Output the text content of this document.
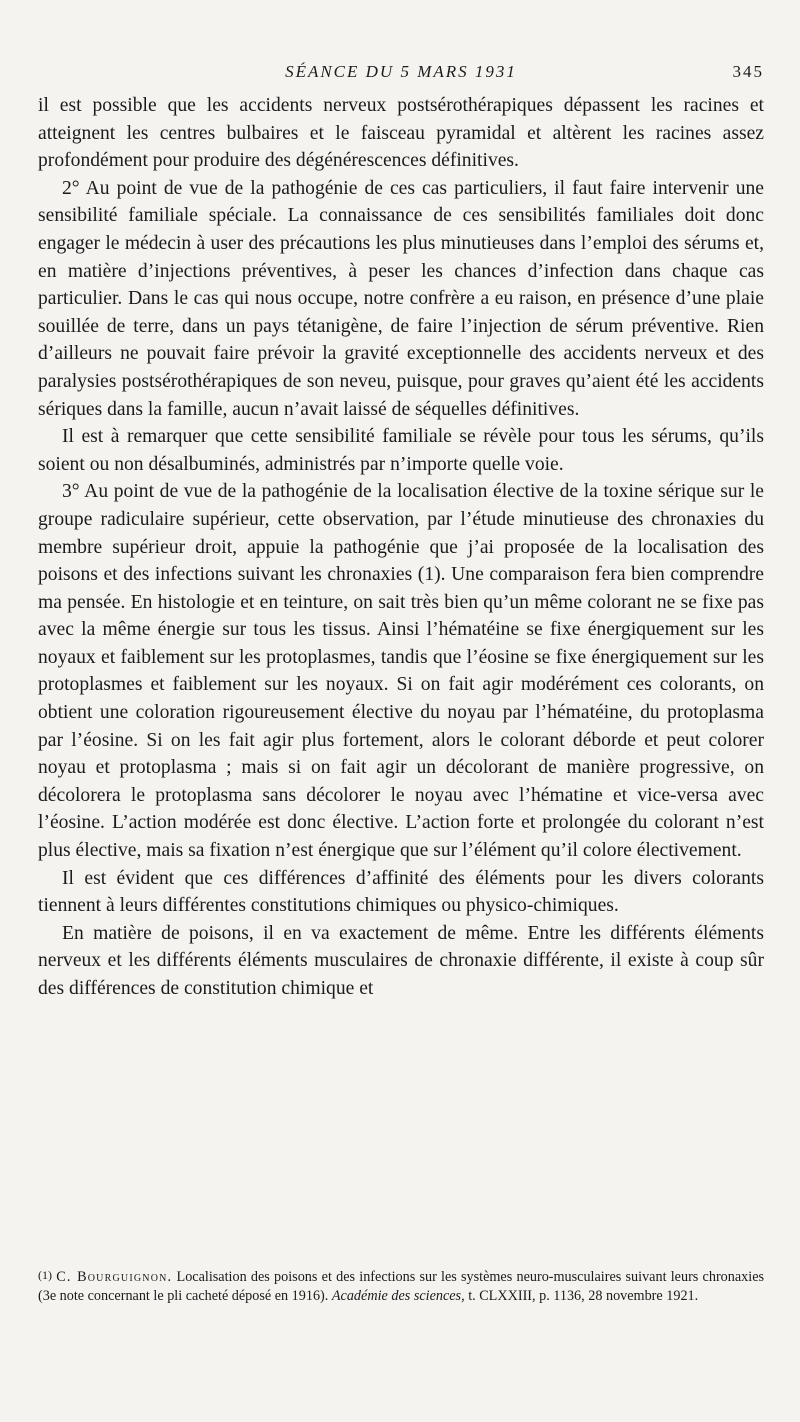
SÉANCE DU 5 MARS 1931	345

il est possible que les accidents nerveux postsérothérapiques dépassent les racines et atteignent les centres bulbaires et le faisceau pyramidal et altèrent les racines assez profondément pour produire des dégénérescences définitives.

2° Au point de vue de la pathogénie de ces cas particuliers, il faut faire intervenir une sensibilité familiale spéciale. La connaissance de ces sensibilités familiales doit donc engager le médecin à user des précautions les plus minutieuses dans l’emploi des sérums et, en matière d’injections préventives, à peser les chances d’infection dans chaque cas particulier. Dans le cas qui nous occupe, notre confrère a eu raison, en présence d’une plaie souillée de terre, dans un pays tétanigène, de faire l’injection de sérum préventive. Rien d’ailleurs ne pouvait faire prévoir la gravité exceptionnelle des accidents nerveux et des paralysies postsérothérapiques de son neveu, puisque, pour graves qu’aient été les accidents sériques dans la famille, aucun n’avait laissé de séquelles définitives.

Il est à remarquer que cette sensibilité familiale se révèle pour tous les sérums, qu’ils soient ou non désalbuminés, administrés par n’importe quelle voie.

3° Au point de vue de la pathogénie de la localisation élective de la toxine sérique sur le groupe radiculaire supérieur, cette observation, par l’étude minutieuse des chronaxies du membre supérieur droit, appuie la pathogénie que j’ai proposée de la localisation des poisons et des infections suivant les chronaxies (1). Une comparaison fera bien comprendre ma pensée. En histologie et en teinture, on sait très bien qu’un même colorant ne se fixe pas avec la même énergie sur tous les tissus. Ainsi l’hématéine se fixe énergiquement sur les noyaux et faiblement sur les protoplasmes, tandis que l’éosine se fixe énergiquement sur les protoplasmes et faiblement sur les noyaux. Si on fait agir modérément ces colorants, on obtient une coloration rigoureusement élective du noyau par l’hématéine, du protoplasma par l’éosine. Si on les fait agir plus fortement, alors le colorant déborde et peut colorer noyau et protoplasma ; mais si on fait agir un décolorant de manière progressive, on décolorera le protoplasma sans décolorer le noyau avec l’hématine et vice-versa avec l’éosine. L’action modérée est donc élective. L’action forte et prolongée du colorant n’est plus élective, mais sa fixation n’est énergique que sur l’élément qu’il colore électivement.

Il est évident que ces différences d’affinité des éléments pour les divers colorants tiennent à leurs différentes constitutions chimiques ou physico-chimiques.

En matière de poisons, il en va exactement de même. Entre les différents éléments nerveux et les différents éléments musculaires de chronaxie différente, il existe à coup sûr des différences de constitution chimique et

(1) C. Bourguignon. Localisation des poisons et des infections sur les systèmes neuro-musculaires suivant leurs chronaxies (3e note concernant le pli cacheté déposé en 1916). Académie des sciences, t. CLXXIII, p. 1136, 28 novembre 1921.
